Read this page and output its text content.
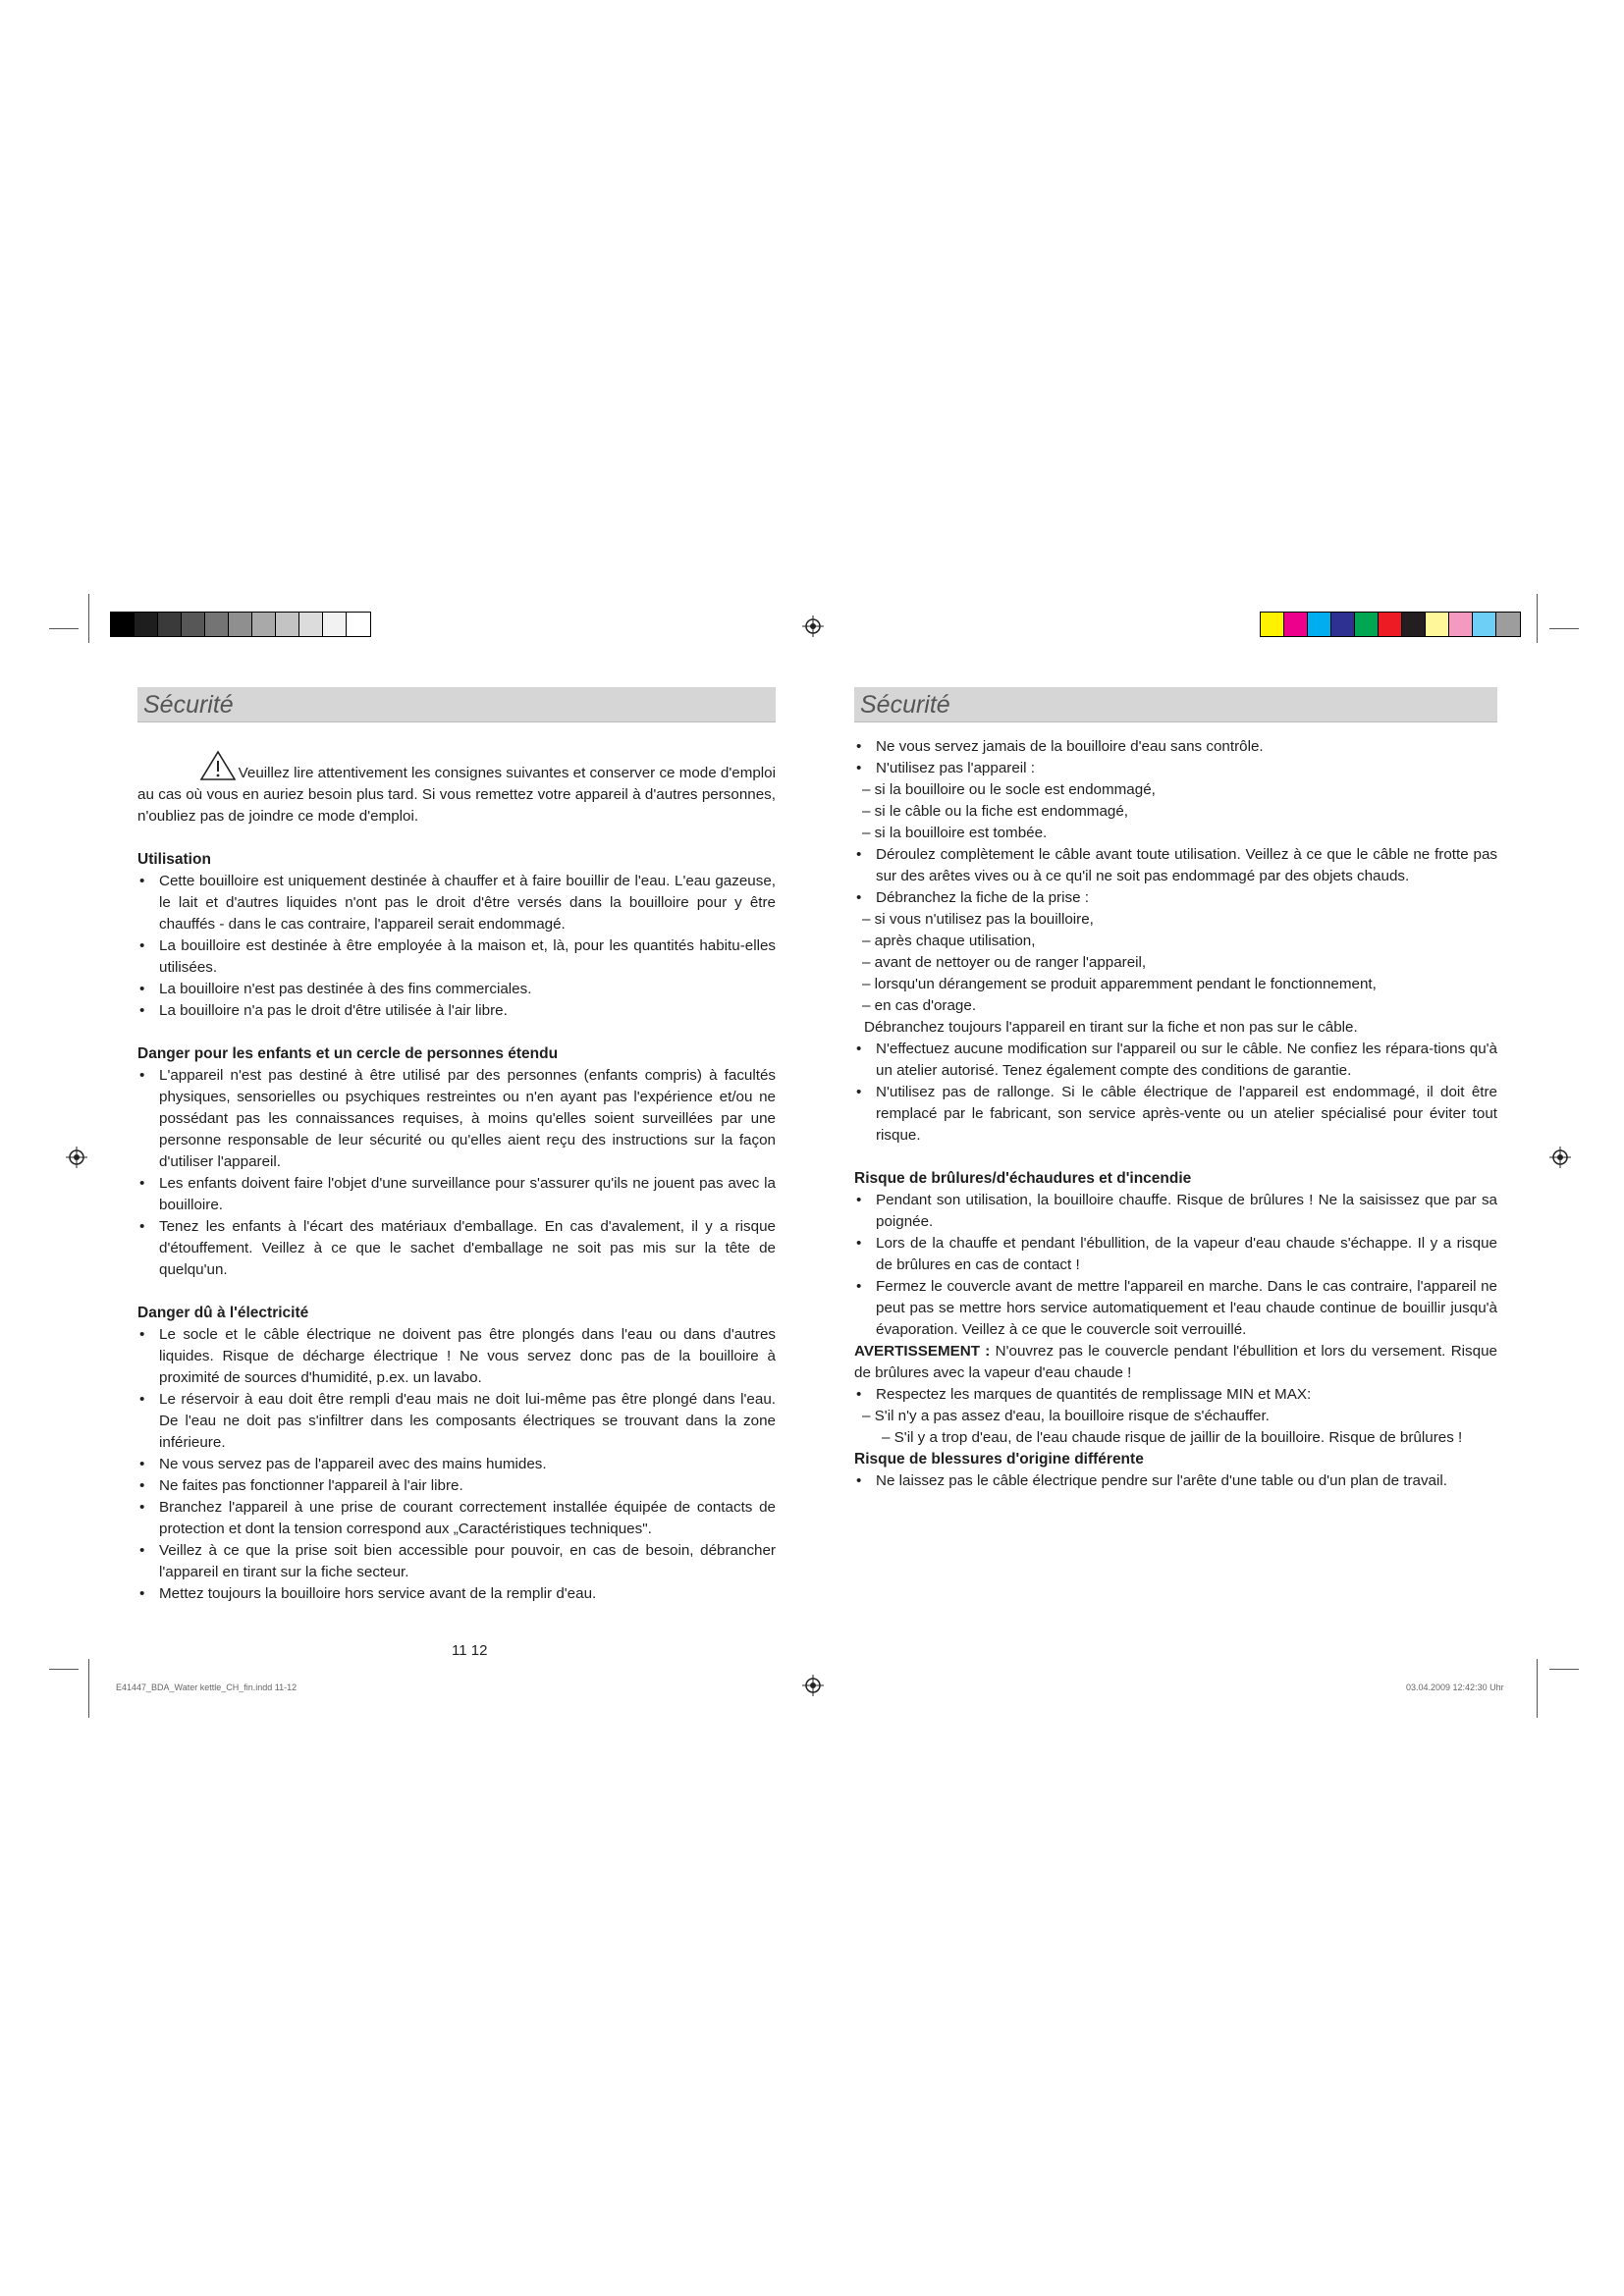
Sécurité
Veuillez lire attentivement les consignes suivantes et conserver ce mode d'emploi
au cas où vous en auriez besoin plus tard. Si vous remettez votre appareil à d'autres personnes, n'oubliez pas de joindre ce mode d'emploi.
Utilisation
• Cette bouilloire est uniquement destinée à chauffer et à faire bouillir de l'eau. L'eau gazeuse, le lait et d'autres liquides n'ont pas le droit d'être versés dans la bouilloire pour y être chauffés - dans le cas contraire, l'appareil serait endommagé.
• La bouilloire est destinée à être employée à la maison et, là, pour les quantités habitu-elles utilisées.
• La bouilloire n'est pas destinée à des fins commerciales.
• La bouilloire n'a pas le droit d'être utilisée à l'air libre.
Danger pour les enfants et un cercle de personnes étendu
• L'appareil n'est pas destiné à être utilisé par des personnes (enfants compris) à facultés physiques, sensorielles ou psychiques restreintes ou n'en ayant pas l'expérience et/ou ne possédant pas les connaissances requises, à moins qu'elles soient surveillées par une personne responsable de leur sécurité ou qu'elles aient reçu des instructions sur la façon d'utiliser l'appareil.
• Les enfants doivent faire l'objet d'une surveillance pour s'assurer qu'ils ne jouent pas avec la bouilloire.
• Tenez les enfants à l'écart des matériaux d'emballage. En cas d'avalement, il y a risque d'étouffement. Veillez à ce que le sachet d'emballage ne soit pas mis sur la tête de quelqu'un.
Danger dû à l'électricité
• Le socle et le câble électrique ne doivent pas être plongés dans l'eau ou dans d'autres liquides. Risque de décharge électrique ! Ne vous servez donc pas de la bouilloire à proximité de sources d'humidité, p.ex. un lavabo.
• Le réservoir à eau doit être rempli d'eau mais ne doit lui-même pas être plongé dans l'eau. De l'eau ne doit pas s'infiltrer dans les composants électriques se trouvant dans la zone inférieure.
• Ne vous servez pas de l'appareil avec des mains humides.
• Ne faites pas fonctionner l'appareil à l'air libre.
• Branchez l'appareil à une prise de courant correctement installée équipée de contacts de protection et dont la tension correspond aux „Caractéristiques techniques".
• Veillez à ce que la prise soit bien accessible pour pouvoir, en cas de besoin, débrancher l'appareil en tirant sur la fiche secteur.
• Mettez toujours la bouilloire hors service avant de la remplir d'eau.
Sécurité
• Ne vous servez jamais de la bouilloire d'eau sans contrôle.
• N'utilisez pas l'appareil :
– si la bouilloire ou le socle est endommagé,
– si le câble ou la fiche est endommagé,
– si la bouilloire est tombée.
• Déroulez complètement le câble avant toute utilisation. Veillez à ce que le câble ne frotte pas sur des arêtes vives ou à ce qu'il ne soit pas endommagé par des objets chauds.
• Débranchez la fiche de la prise :
– si vous n'utilisez pas la bouilloire,
– après chaque utilisation,
– avant de nettoyer ou de ranger l'appareil,
– lorsqu'un dérangement se produit apparemment pendant le fonctionnement,
– en cas d'orage.
Débranchez toujours l'appareil en tirant sur la fiche et non pas sur le câble.
• N'effectuez aucune modification sur l'appareil ou sur le câble. Ne confiez les répara-tions qu'à un atelier autorisé. Tenez également compte des conditions de garantie.
• N'utilisez pas de rallonge. Si le câble électrique de l'appareil est endommagé, il doit être remplacé par le fabricant, son service après-vente ou un atelier spécialisé pour éviter tout risque.
Risque de brûlures/d'échaudures et d'incendie
• Pendant son utilisation, la bouilloire chauffe. Risque de brûlures ! Ne la saisissez que par sa poignée.
• Lors de la chauffe et pendant l'ébullition, de la vapeur d'eau chaude s'échappe. Il y a risque de brûlures en cas de contact !
• Fermez le couvercle avant de mettre l'appareil en marche. Dans le cas contraire, l'appareil ne peut pas se mettre hors service automatiquement et l'eau chaude continue de bouillir jusqu'à évaporation. Veillez à ce que le couvercle soit verrouillé.
AVERTISSEMENT : N'ouvrez pas le couvercle pendant l'ébullition et lors du versement. Risque de brûlures avec la vapeur d'eau chaude !
• Respectez les marques de quantités de remplissage MIN et MAX:
– S'il n'y a pas assez d'eau, la bouilloire risque de s'échauffer.
– S'il y a trop d'eau, de l'eau chaude risque de jaillir de la bouilloire. Risque de brûlures !
Risque de blessures d'origine différente
• Ne laissez pas le câble électrique pendre sur l'arête d'une table ou d'un plan de travail.
11 12
E41447_BDA_Water kettle_CH_fin.indd 11-12	03.04.2009 12:42:30 Uhr
